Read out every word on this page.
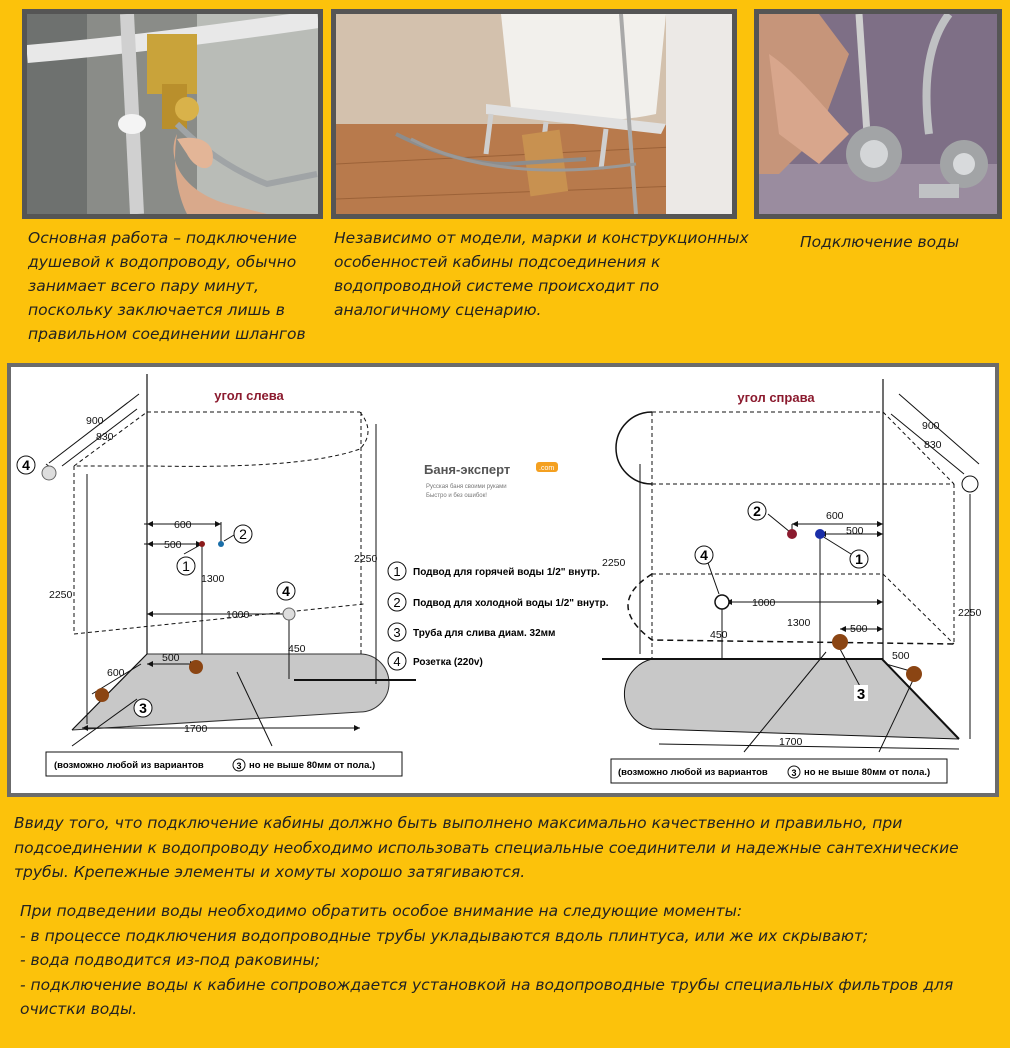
Основная работа – подключение
душевой к водопроводу, обычно
занимает всего пару минут,
поскольку заключается лишь в
правильном соединении шлангов
Независимо от модели, марки и конструкционных
особенностей кабины подсоединения к
водопроводной системе происходит по
аналогичному сценарию.
Подключение воды
1
2
3
4
4
2
1
4
3
угол слева	угол справа
900
830
600
500
1300
1000
450
2250
2250
500
600
1700
900
830
600
500
1300
1000
450
2250
2250
500
500
1700
Баня-эксперт	.com
Русская баня своими руками
Быстро и без ошибок!
1 Подвод для горячей воды 1/2" внутр.
2 Подвод для холодной воды 1/2" внутр.
3 Труба для слива диам. 32мм
4 Розетка (220v)
(возможно любой из вариантов	3 но не выше 80мм от пола.)
(возможно любой из вариантов	3 но не выше 80мм от пола.)
Ввиду того, что подключение кабины должно быть выполнено максимально качественно и правильно, при
подсоединении к водопроводу необходимо использовать специальные соединители и надежные сантехнические
трубы. Крепежные элементы и хомуты хорошо затягиваются.
При подведении воды необходимо обратить особое внимание на следующие моменты:
- в процессе подключения водопроводные трубы укладываются вдоль плинтуса, или же их скрывают;
- вода подводится из-под раковины;
- подключение воды к кабине сопровождается установкой на водопроводные трубы специальных фильтров для
очистки воды.
